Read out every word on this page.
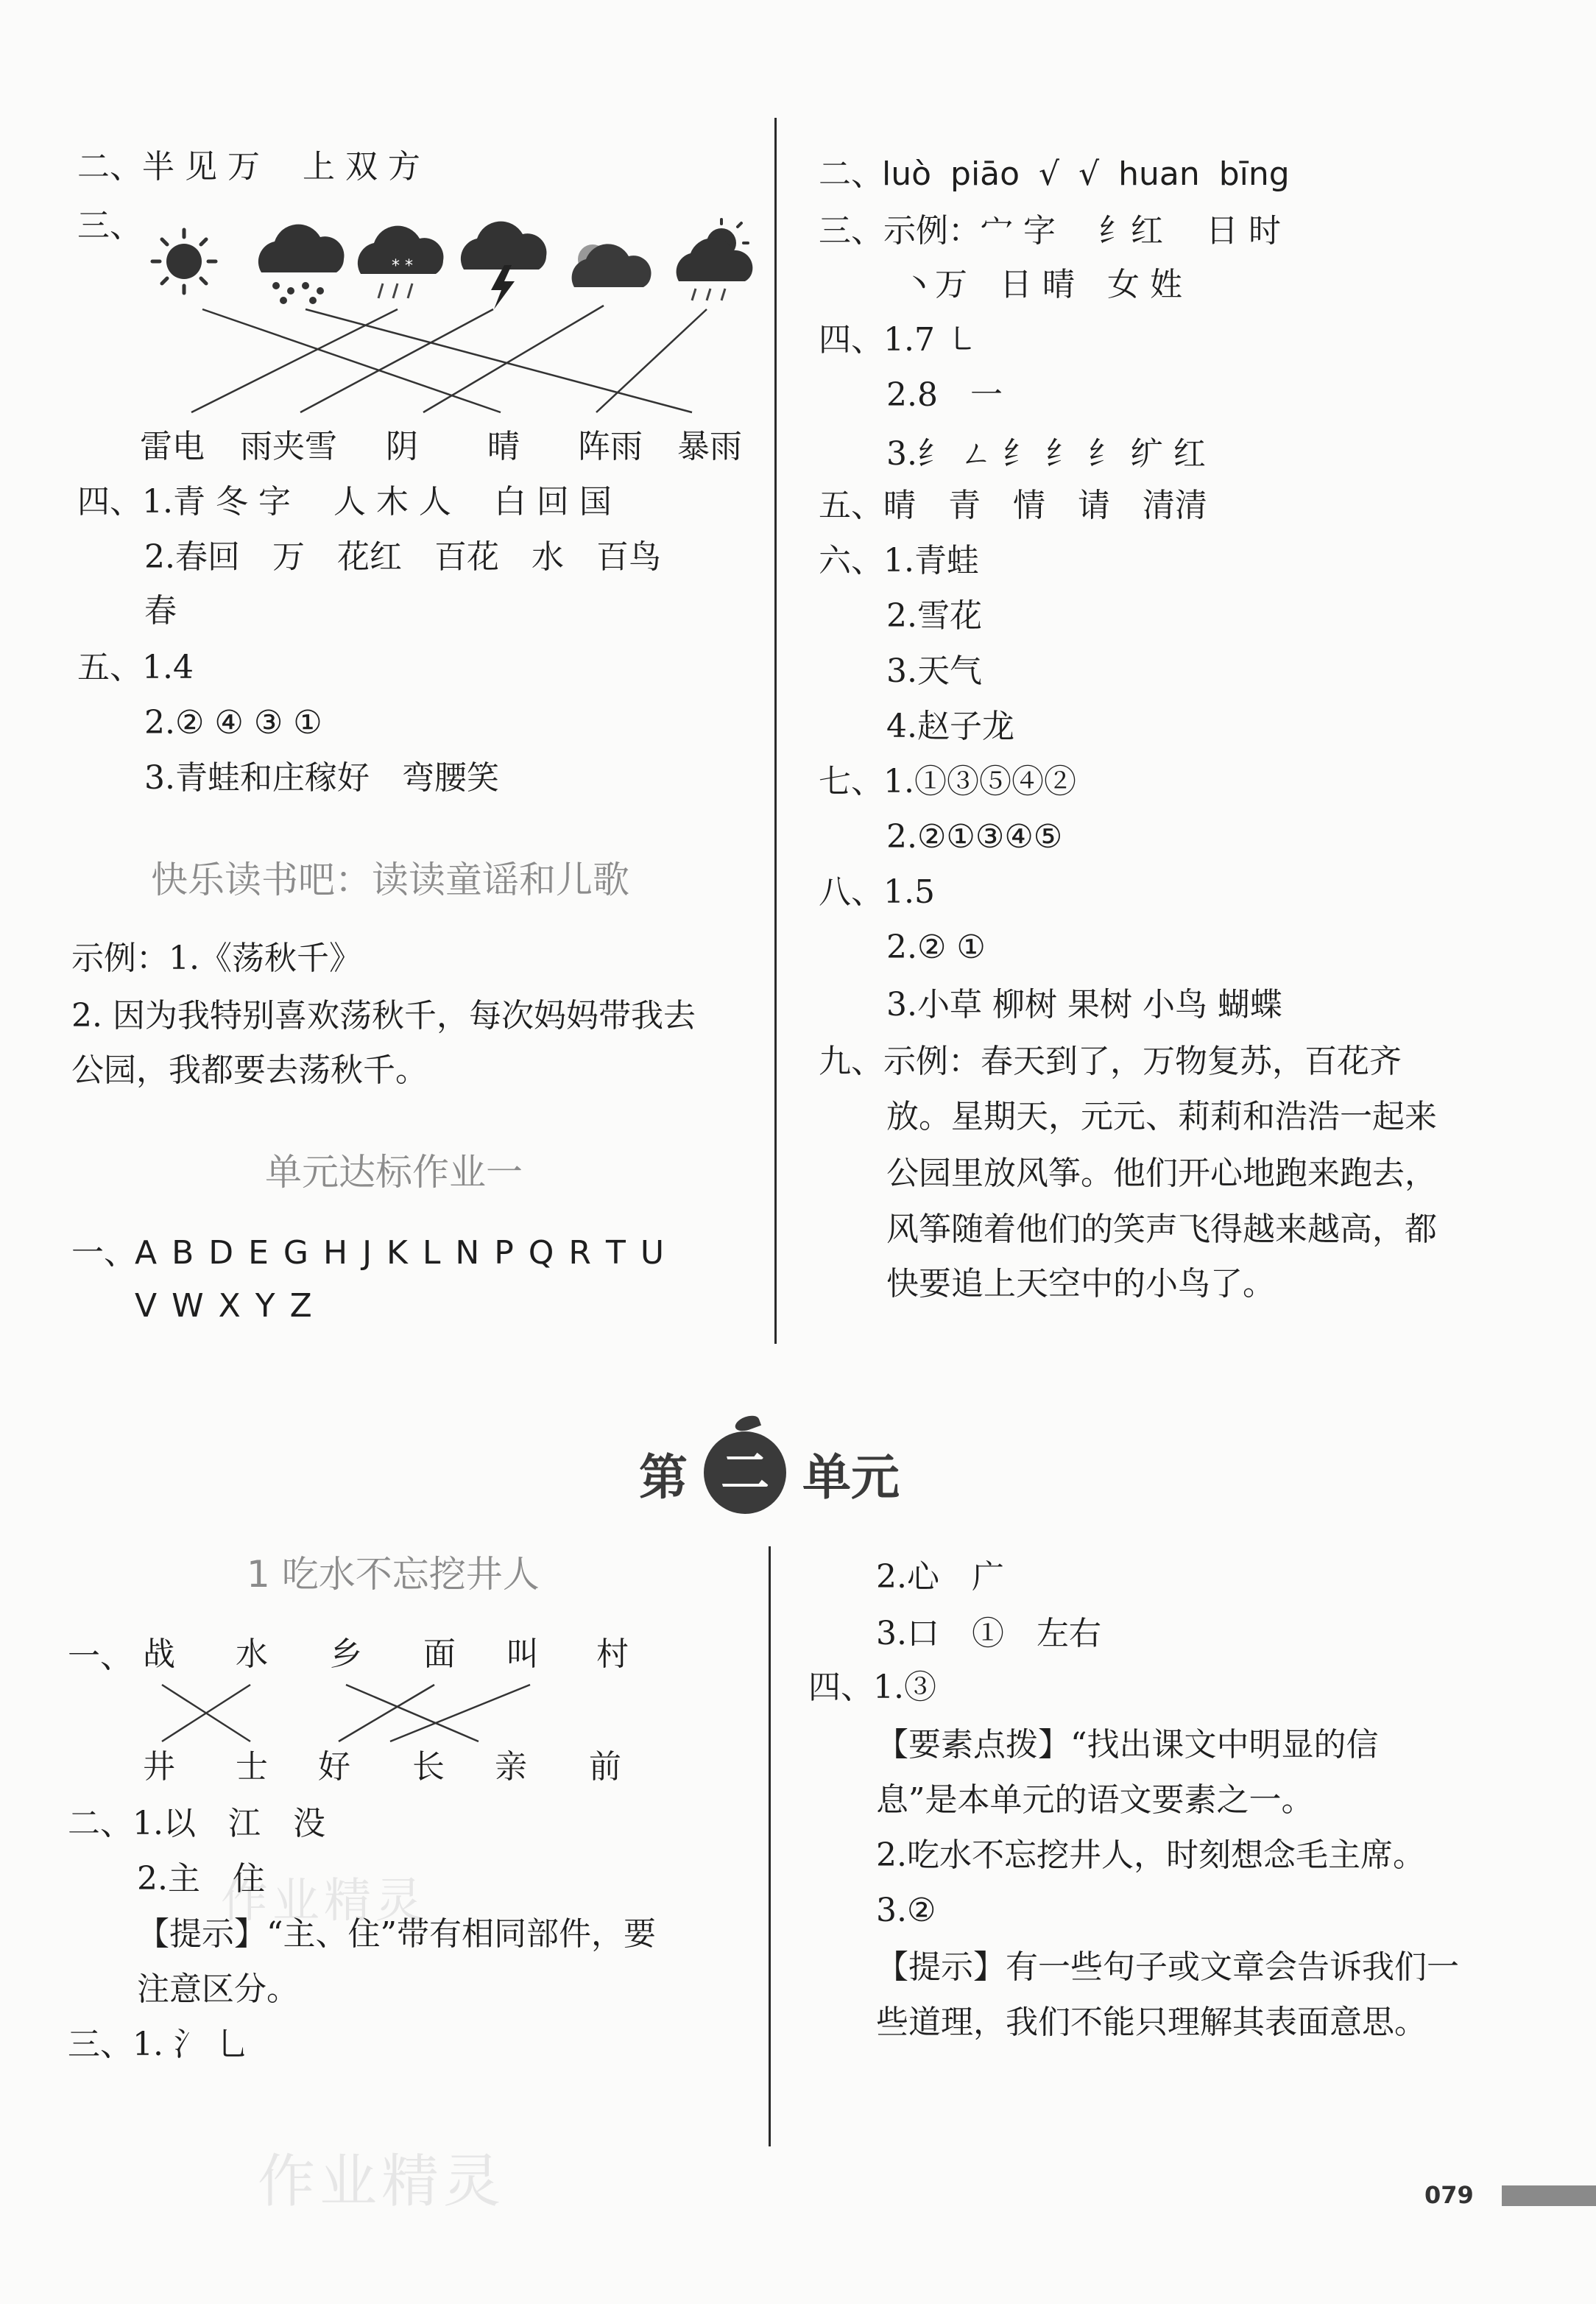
作业精灵
作业精灵
二、半 见 万　 上 双 方
三、
* *
雷电 雨夹雪 阴 晴 阵雨 暴雨
四、1.青 冬 字　 人 木 人　 白 回 国
2.春回　万　花红　百花　水　百鸟
春
五、1.4
2.② ④ ③ ①
3.青蛙和庄稼好　弯腰笑
快乐读书吧：读读童谣和儿歌
示例：1.《荡秋千》
2. 因为我特别喜欢荡秋千，每次妈妈带我去
公园，我都要去荡秋千。
单元达标作业一
一、
A B D E G H J K L N P Q R T U
V W X Y Z
二、
luò piāo √ √ huan bīng
三、示例：宀 字　 纟红　 日 时
丶万　日 晴　女 姓
四、1.7 ㇄
2.8　一
3.纟 ㄥ 纟 纟 纟 纩 红
五、晴　青　情　请　清清
六、1.青蛙
2.雪花
3.天气
4.赵子龙
七、1.①③⑤④②
2.②①③④⑤
八、1.5
2.② ①
3.小草 柳树 果树 小鸟 蝴蝶
九、示例：春天到了，万物复苏，百花齐
放。星期天，元元、莉莉和浩浩一起来
公园里放风筝。他们开心地跑来跑去，
风筝随着他们的笑声飞得越来越高，都
快要追上天空中的小鸟了。
第 二 单元
1 吃水不忘挖井人
一、 战 水 乡 面 叫 村
井 士 好 长 亲 前
二、1.以　江　没
2.主　住
【提示】“主、住”带有相同部件，要
注意区分。
三、1. 氵 乚
2.心　广
3.口　①　左右
四、1.③
【要素点拨】“找出课文中明显的信
息”是本单元的语文要素之一。
2.吃水不忘挖井人，时刻想念毛主席。
3.②
【提示】有一些句子或文章会告诉我们一
些道理，我们不能只理解其表面意思。
079
